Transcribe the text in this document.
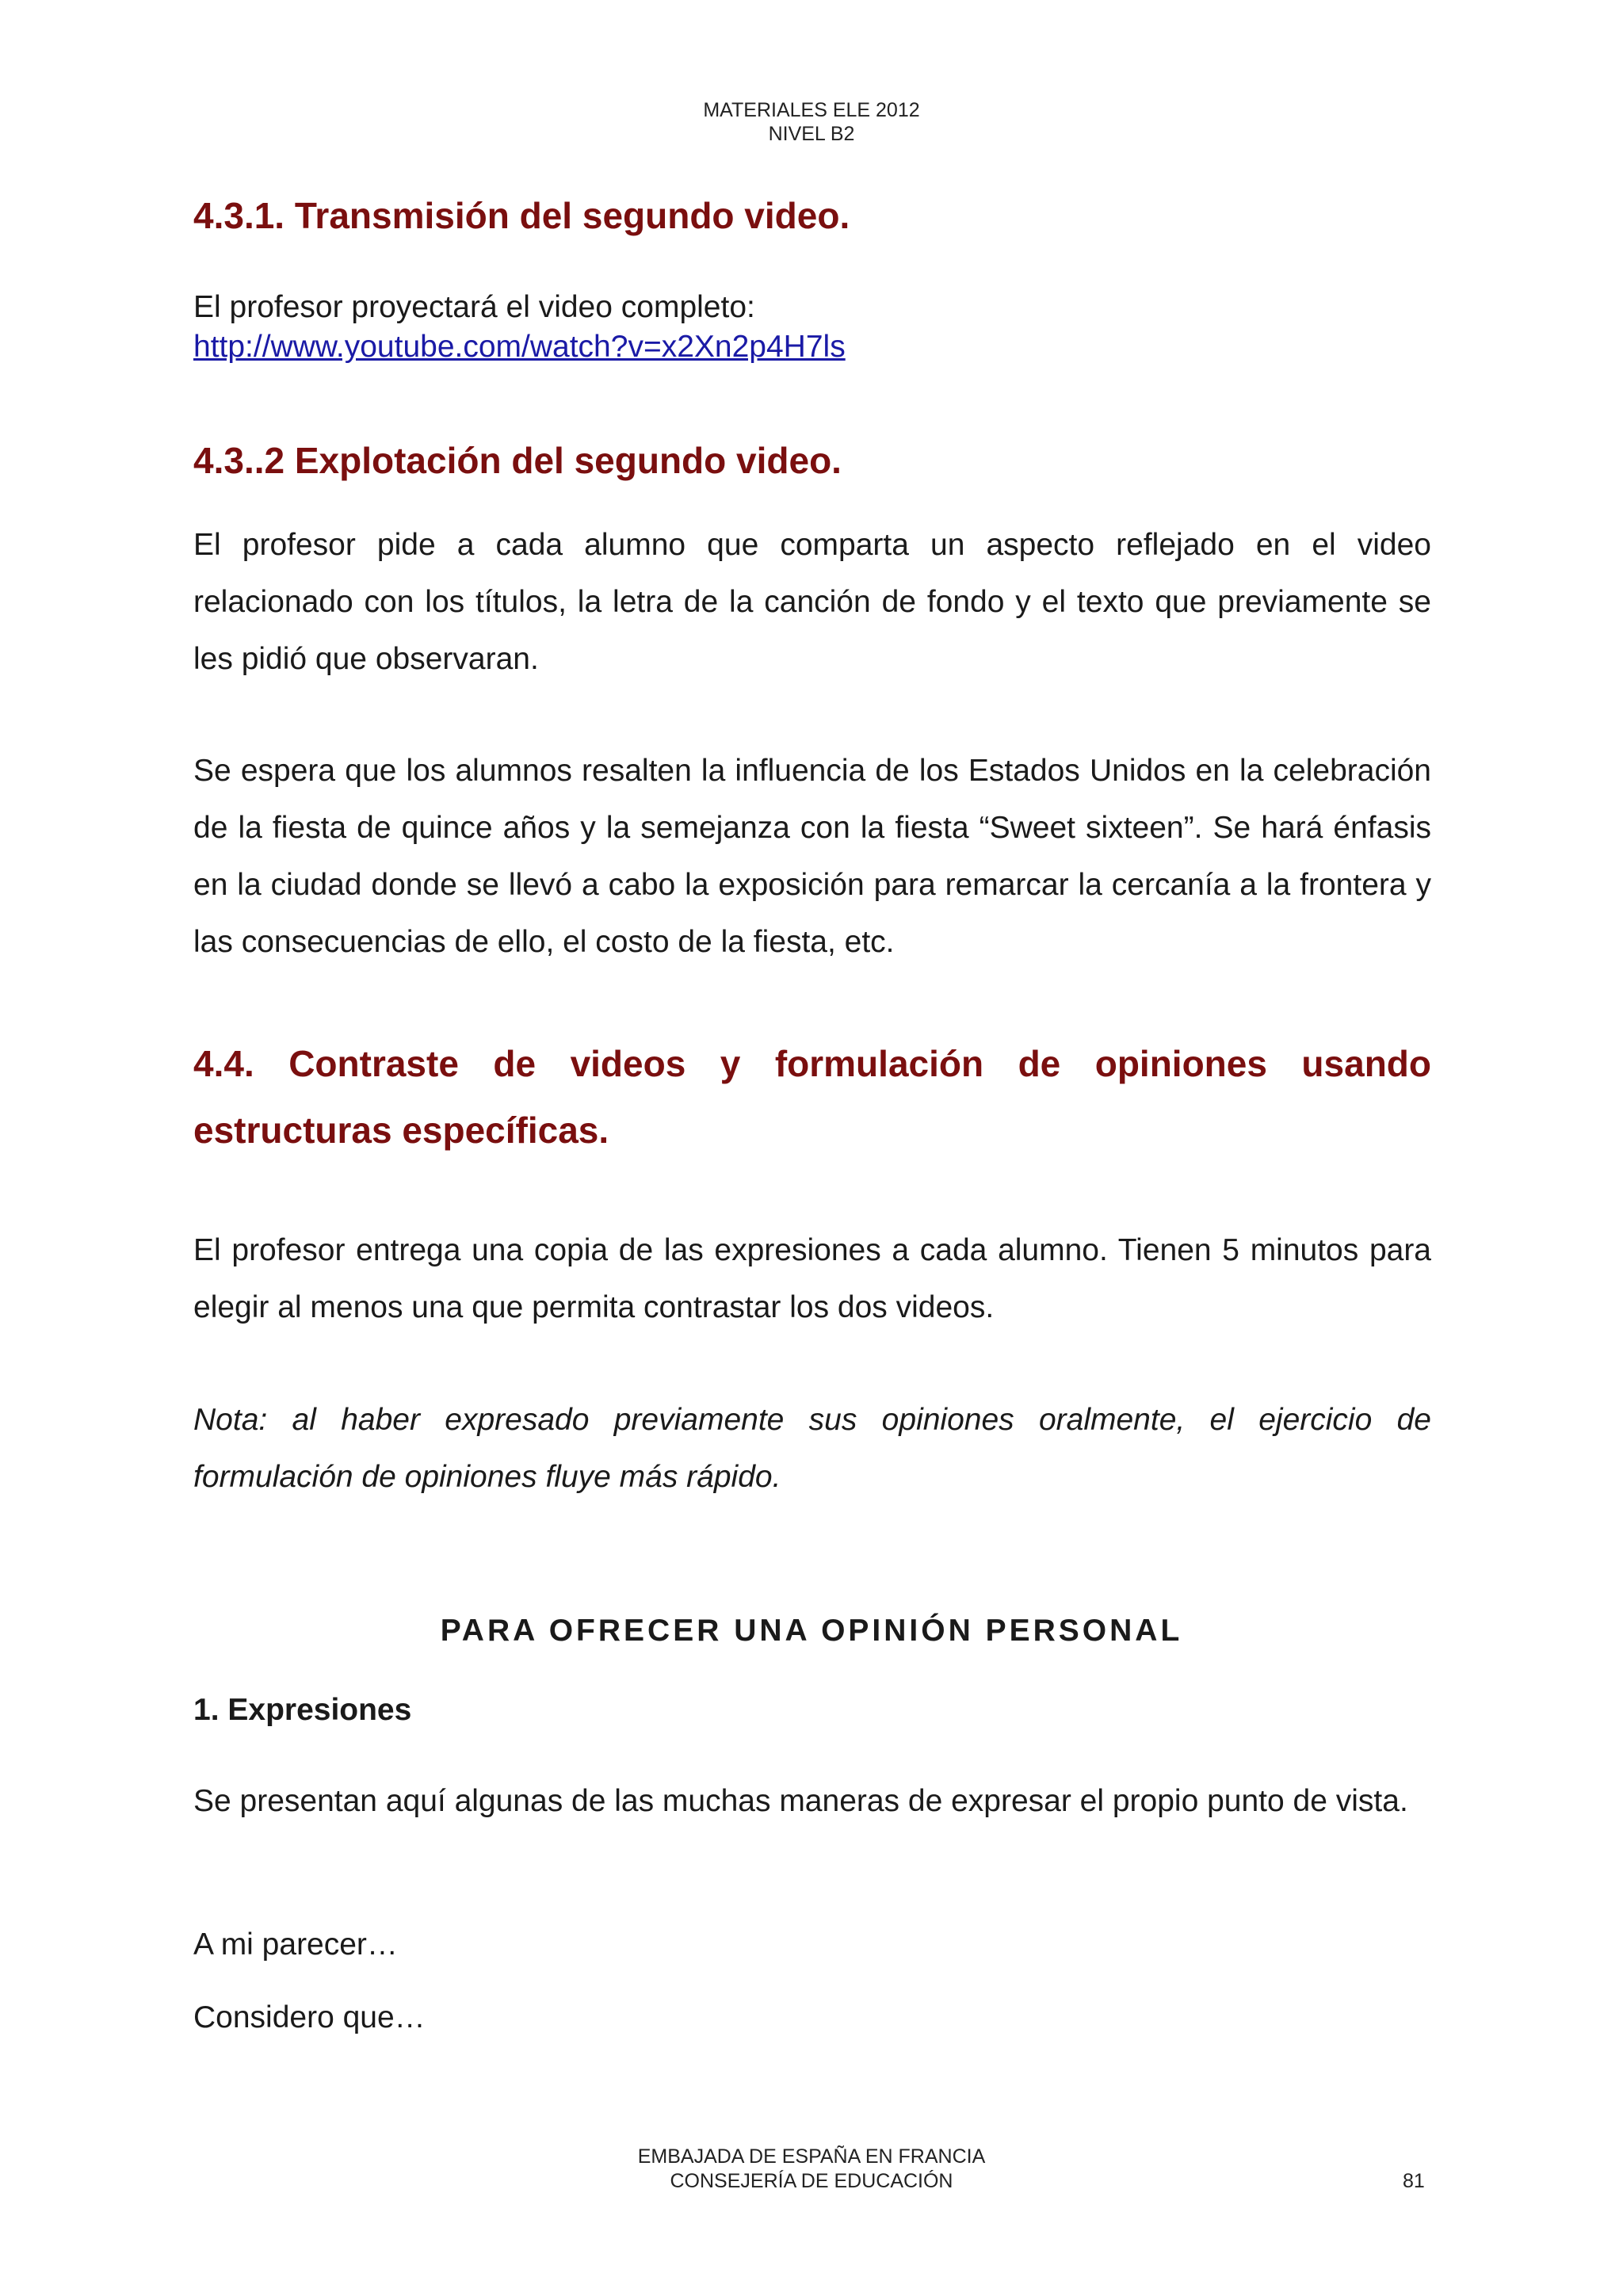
MATERIALES ELE 2012
NIVEL B2
4.3.1. Transmisión del segundo video.
El profesor proyectará el video completo:
http://www.youtube.com/watch?v=x2Xn2p4H7ls
4.3..2 Explotación del segundo video.

El profesor pide a cada alumno que comparta un aspecto reflejado en el video relacionado con los títulos, la letra de la canción de fondo y el texto que previamente se les pidió que observaran.

Se espera que los alumnos resalten la influencia de los Estados Unidos en la celebración de la fiesta de quince años y la semejanza con la fiesta “Sweet sixteen”. Se hará énfasis en la ciudad donde se llevó a cabo la exposición para remarcar la cercanía a la frontera y las consecuencias de ello, el costo de la fiesta, etc.

4.4. Contraste de videos y formulación de opiniones usando estructuras específicas.

El profesor entrega una copia de las expresiones a cada alumno. Tienen 5 minutos para elegir al menos una que permita contrastar los dos videos.

Nota: al haber expresado previamente sus opiniones oralmente, el ejercicio de formulación de opiniones fluye más rápido.

PARA OFRECER UNA OPINIÓN PERSONAL

1. Expresiones

Se presentan aquí algunas de las muchas maneras de expresar el propio punto de vista.

A mi parecer…
Considero que…
EMBAJADA DE ESPAÑA EN FRANCIA
CONSEJERÍA DE EDUCACIÓN	81
